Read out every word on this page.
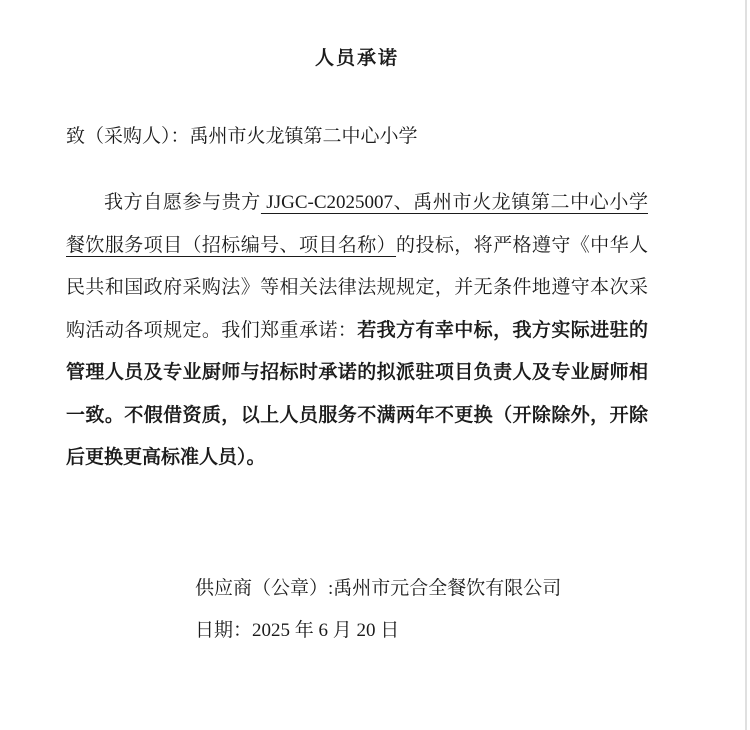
人员承诺
致（采购人）：禹州市火龙镇第二中心小学

我方自愿参与贵方 JJGC-C2025007、禹州市火龙镇第二中心小学餐饮服务项目（招标编号、项目名称）的投标，将严格遵守《中华人民共和国政府采购法》等相关法律法规规定，并无条件地遵守本次采购活动各项规定。我们郑重承诺：若我方有幸中标，我方实际进驻的管理人员及专业厨师与招标时承诺的拟派驻项目负责人及专业厨师相一致。不假借资质，以上人员服务不满两年不更换（开除除外，开除后更换更高标准人员）。

供应商（公章）:禹州市元合全餐饮有限公司
日期：2025 年 6 月 20 日
